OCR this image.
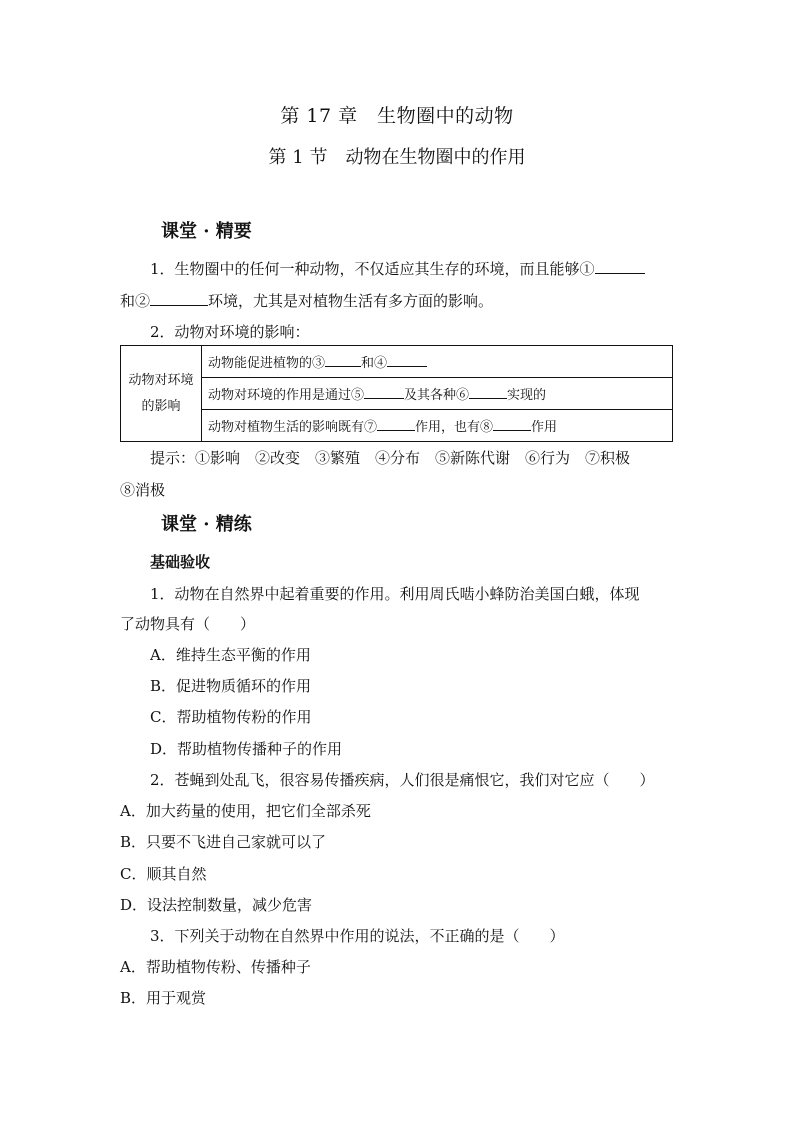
第 17 章　生物圈中的动物
第 1 节　动物在生物圈中的作用
课堂 · 精要
1．生物圈中的任何一种动物，不仅适应其生存的环境，而且能够①
和②	环境，尤其是对植物生活有多方面的影响。
2．动物对环境的影响：
动物对环境的影响	动物能促进植物的③	和④
动物对环境的作用是通过⑤	及其各种⑥	实现的
动物对植物生活的影响既有⑦	作用，也有⑧	作用
提示：①影响　②改变　③繁殖　④分布　⑤新陈代谢　⑥行为　⑦积极
⑧消极
课堂 · 精练
基础验收
1．动物在自然界中起着重要的作用。利用周氏啮小蜂防治美国白蛾，体现
了动物具有（　　）
A．维持生态平衡的作用
B．促进物质循环的作用
C．帮助植物传粉的作用
D．帮助植物传播种子的作用
2．苍蝇到处乱飞，很容易传播疾病，人们很是痛恨它，我们对它应（　　）
A．加大药量的使用，把它们全部杀死
B．只要不飞进自己家就可以了
C．顺其自然
D．设法控制数量，减少危害
3．下列关于动物在自然界中作用的说法，不正确的是（　　）
A．帮助植物传粉、传播种子
B．用于观赏
